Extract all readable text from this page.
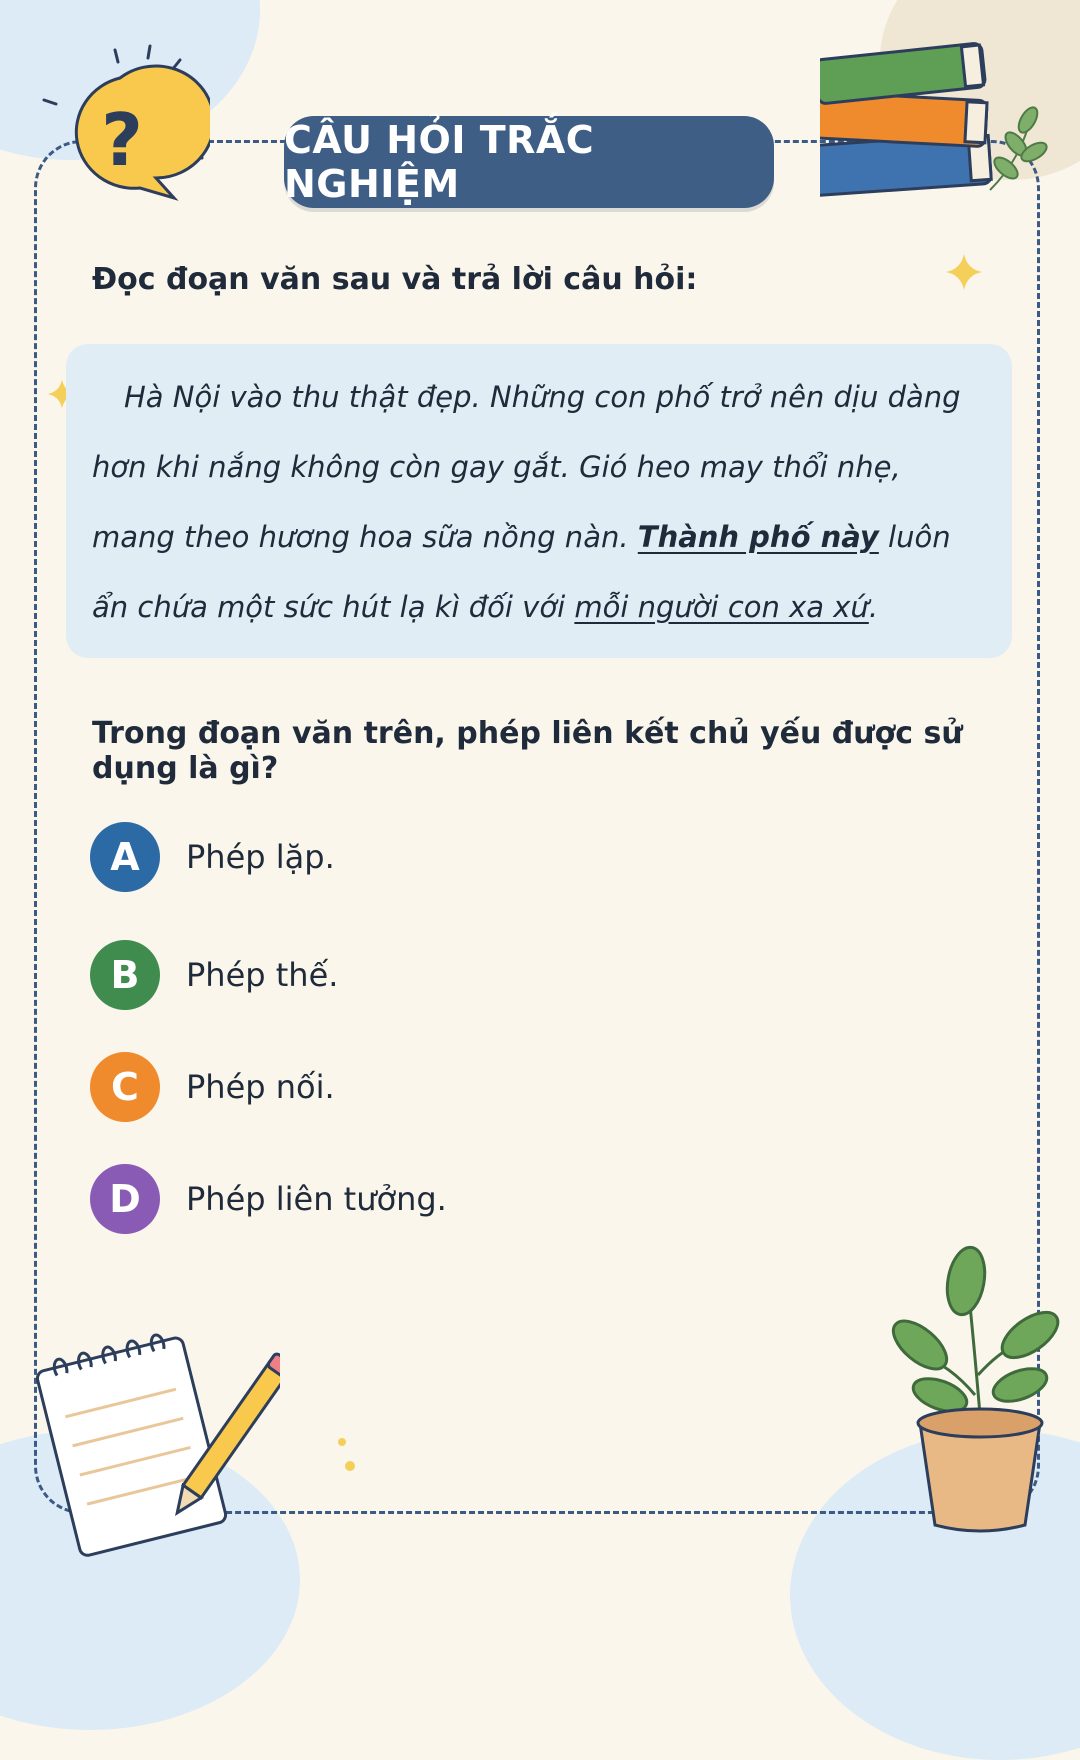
?	CÂU HỎI TRẮC NGHIỆM
Đọc đoạn văn sau và trả lời câu hỏi:

Hà Nội vào thu thật đẹp. Những con phố trở nên dịu dàng hơn khi nắng không còn gay gắt. Gió heo may thổi nhẹ, mang theo hương hoa sữa nồng nàn. Thành phố này luôn ẩn chứa một sức hút lạ kì đối với mỗi người con xa xứ.

Trong đoạn văn trên, phép liên kết chủ yếu được sử dụng là gì?
A	Phép lặp.
B	Phép thế.
C	Phép nối.
D	Phép liên tưởng.
